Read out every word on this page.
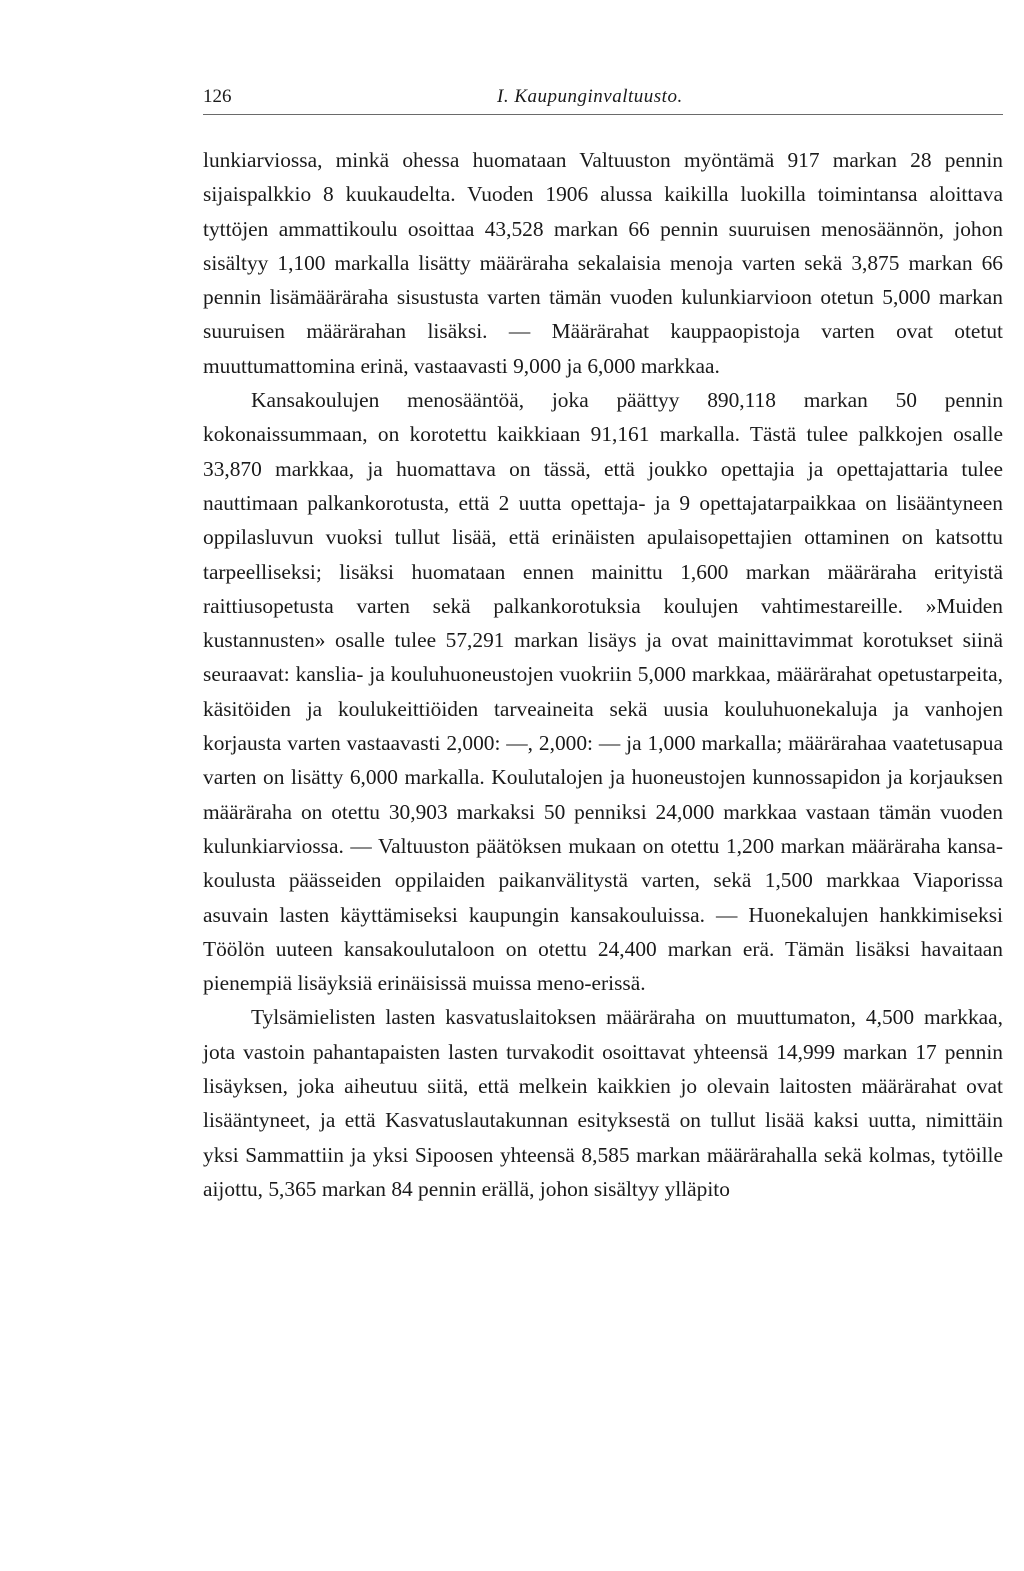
126	I. Kaupunginvaltuusto.

lunkiarviossa, minkä ohessa huomataan Valtuuston myöntämä 917 markan 28 pennin sijaispalkkio 8 kuukaudelta. Vuoden 1906 alussa kaikilla luokilla toimintansa aloittava tyttöjen ammattikoulu osoittaa 43,528 markan 66 pennin suuruisen menosäännön, johon sisältyy 1,100 markalla lisätty määräraha sekalaisia menoja varten sekä 3,875 markan 66 pennin lisämääräraha sisustusta varten tämän vuoden kulunkiarvioon otetun 5,000 markan suuruisen määrärahan lisäksi. — Määrärahat kauppaopistoja varten ovat otetut muuttumattomina erinä, vastaavasti 9,000 ja 6,000 markkaa.

Kansakoulujen menosääntöä, joka päättyy 890,118 markan 50 pennin kokonaissummaan, on korotettu kaikkiaan 91,161 markalla. Tästä tulee palkkojen osalle 33,870 markkaa, ja huomattava on tässä, että joukko opettajia ja opettajattaria tulee nauttimaan palkankorotusta, että 2 uutta opettaja- ja 9 opettajatarpaikkaa on lisääntyneen oppilasluvun vuoksi tullut lisää, että erinäisten apulaisopettajien ottaminen on katsottu tarpeelliseksi; lisäksi huomataan ennen mainittu 1,600 markan määräraha erityistä raittiusopetusta varten sekä palkankorotuksia koulujen vahtimestareille. »Muiden kustannusten» osalle tulee 57,291 markan lisäys ja ovat mainittavimmat korotukset siinä seuraavat: kanslia- ja kouluhuoneustojen vuokriin 5,000 markkaa, määrärahat opetustarpeita, käsitöiden ja koulukeittiöiden tarveaineita sekä uusia kouluhuonekaluja ja vanhojen korjausta varten vastaavasti 2,000: —, 2,000: — ja 1,000 markalla; määrärahaa vaatetusapua varten on lisätty 6,000 markalla. Koulutalojen ja huoneustojen kunnossapidon ja korjauksen määräraha on otettu 30,903 markaksi 50 penniksi 24,000 markkaa vastaan tämän vuoden kulunkiarviossa. — Valtuuston päätöksen mukaan on otettu 1,200 markan määräraha kansakoulusta päässeiden oppilaiden paikanvälitystä varten, sekä 1,500 markkaa Viaporissa asuvain lasten käyttämiseksi kaupungin kansakouluissa. — Huonekalujen hankkimiseksi Töölön uuteen kansakoulutaloon on otettu 24,400 markan erä. Tämän lisäksi havaitaan pienempiä lisäyksiä erinäisissä muissa meno-erissä.

Tylsämielisten lasten kasvatuslaitoksen määräraha on muuttumaton, 4,500 markkaa, jota vastoin pahantapaisten lasten turvakodit osoittavat yhteensä 14,999 markan 17 pennin lisäyksen, joka aiheutuu siitä, että melkein kaikkien jo olevain laitosten määrärahat ovat lisääntyneet, ja että Kasvatuslautakunnan esityksestä on tullut lisää kaksi uutta, nimittäin yksi Sammattiin ja yksi Sipoosen yhteensä 8,585 markan määrärahalla sekä kolmas, tytöille aijottu, 5,365 markan 84 pennin erällä, johon sisältyy ylläpito
